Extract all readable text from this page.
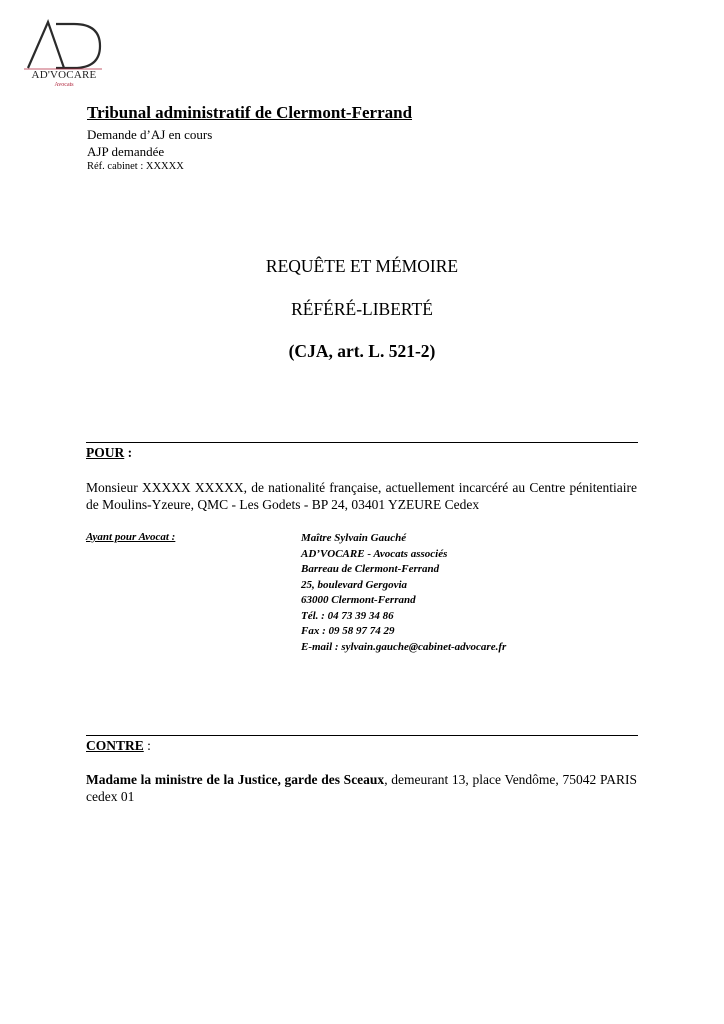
AD'VOCARE
Avocats
Tribunal administratif de Clermont-Ferrand
Demande d’AJ en cours
AJP demandée
Réf. cabinet : XXXXX
REQUÊTE ET MÉMOIRE
RÉFÉRÉ-LIBERTÉ
(CJA, art. L. 521-2)
POUR :
Monsieur XXXXX XXXXX, de nationalité française, actuellement incarcéré au Centre pénitentiaire de Moulins-Yzeure, QMC - Les Godets - BP 24, 03401 YZEURE Cedex
Ayant pour Avocat :	Maître Sylvain Gauché
AD’VOCARE - Avocats associés
Barreau de Clermont-Ferrand
25, boulevard Gergovia
63000 Clermont-Ferrand
Tél. : 04 73 39 34 86
Fax : 09 58 97 74 29
E-mail : sylvain.gauche@cabinet-advocare.fr
CONTRE :
Madame la ministre de la Justice, garde des Sceaux, demeurant 13, place Vendôme, 75042 PARIS cedex 01
